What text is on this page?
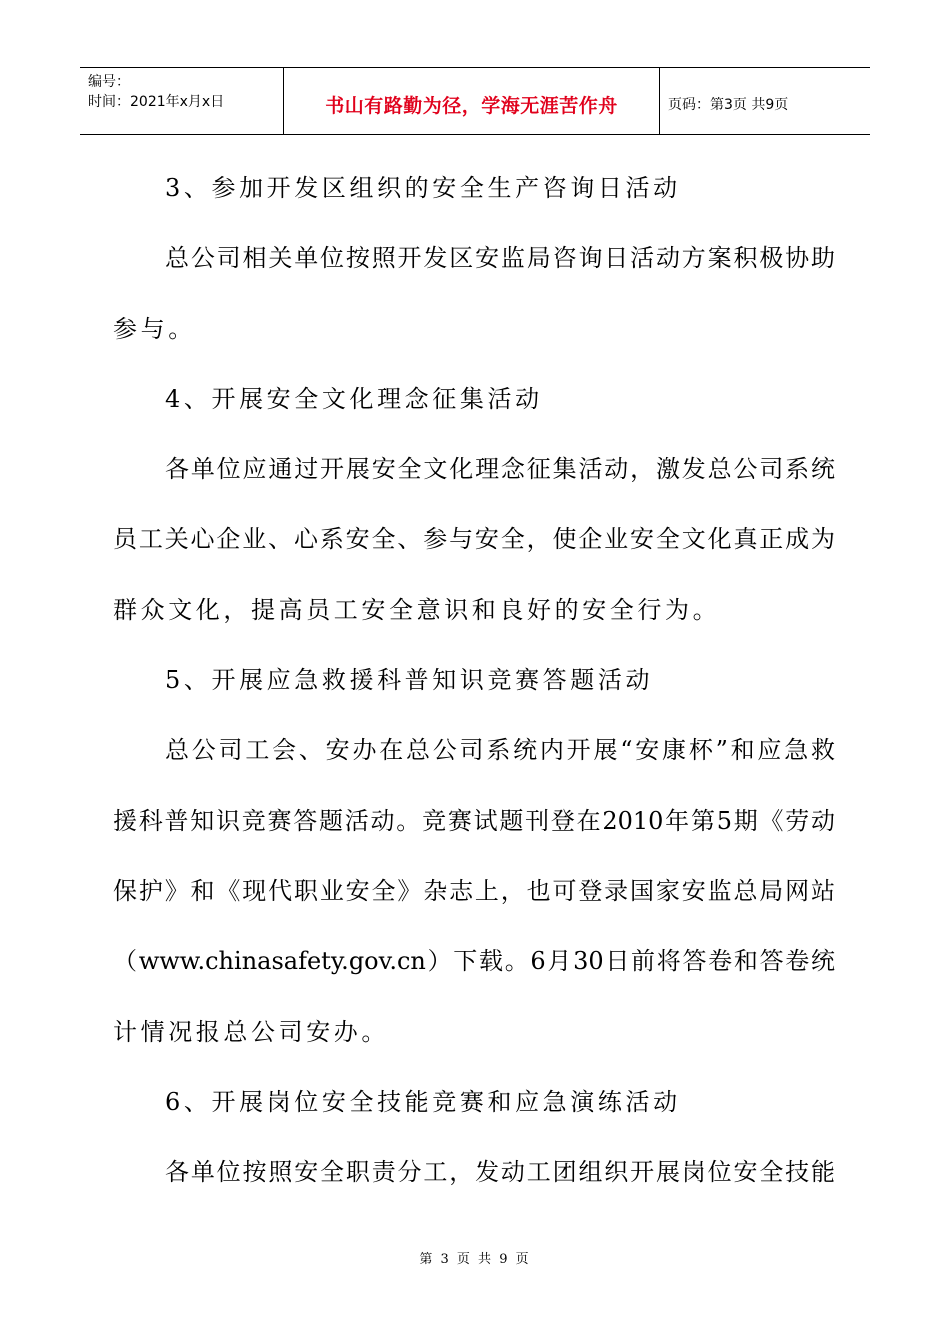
编号：
时间：2021年x月x日	书山有路勤为径，学海无涯苦作舟	页码：第3页 共9页
3、参加开发区组织的安全生产咨询日活动
总公司相关单位按照开发区安监局咨询日活动方案积极协助
参与。
4、开展安全文化理念征集活动
各单位应通过开展安全文化理念征集活动，激发总公司系统
员工关心企业、心系安全、参与安全，使企业安全文化真正成为
群众文化，提高员工安全意识和良好的安全行为。
5、开展应急救援科普知识竞赛答题活动
总公司工会、安办在总公司系统内开展“安康杯”和应急救
援科普知识竞赛答题活动。竞赛试题刊登在2010年第5期《劳动
保护》和《现代职业安全》杂志上，也可登录国家安监总局网站
（www.chinasafety.gov.cn）下载。6月30日前将答卷和答卷统
计情况报总公司安办。
6、开展岗位安全技能竞赛和应急演练活动
各单位按照安全职责分工，发动工团组织开展岗位安全技能
第 3 页 共 9 页
